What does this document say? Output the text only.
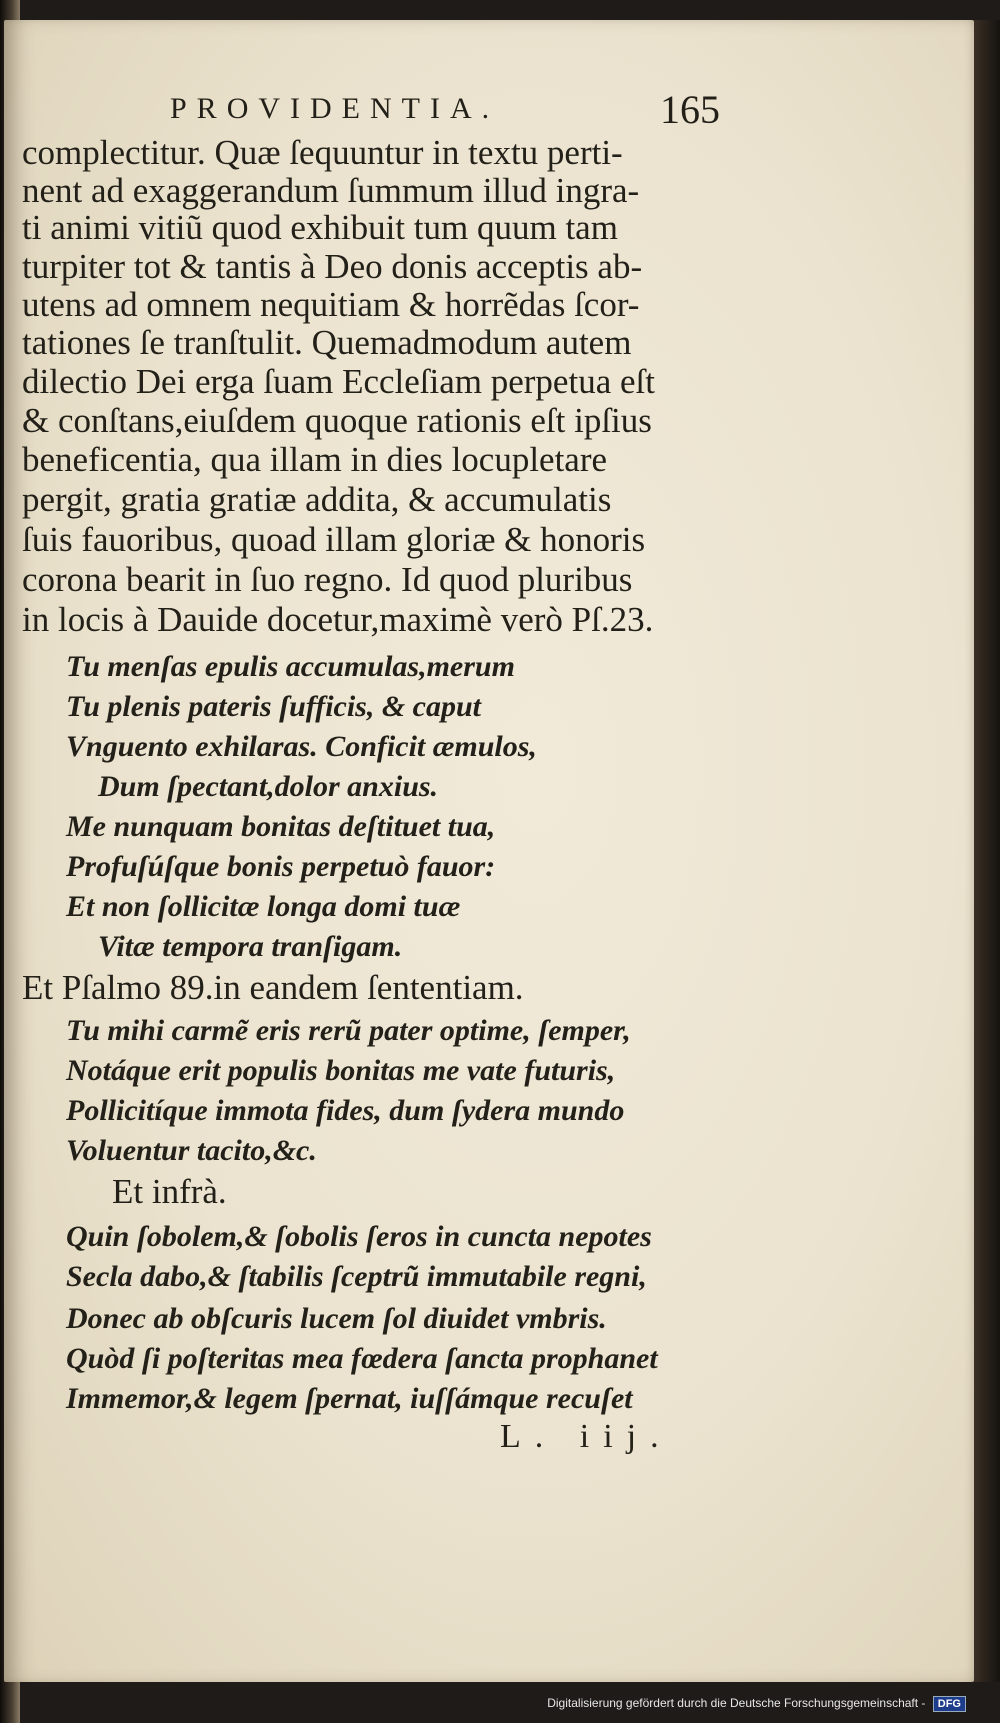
PROVIDENTIA.	165
complectitur. Quæ ſequuntur in textu perti-
nent ad exaggerandum ſummum illud ingra-
ti animi vitiũ quod exhibuit tum quum tam
turpiter tot & tantis à Deo donis acceptis ab-
utens ad omnem nequitiam & horrẽdas ſcor-
tationes ſe tranſtulit. Quemadmodum autem
dilectio Dei erga ſuam Eccleſiam perpetua eſt
& conſtans,eiuſdem quoque rationis eſt ipſius
beneficentia, qua illam in dies locupletare
pergit, gratia gratiæ addita, & accumulatis
ſuis fauoribus, quoad illam gloriæ & honoris
corona bearit in ſuo regno. Id quod pluribus
in locis à Dauide docetur,maximè verò Pſ.23.
Tu menſas epulis accumulas,merum
Tu plenis pateris ſufficis, & caput
Vnguento exhilaras. Conficit æmulos,
Dum ſpectant,dolor anxius.
Me nunquam bonitas deſtituet tua,
Profuſúſque bonis perpetuò fauor:
Et non ſollicitæ longa domi tuæ
Vitæ tempora tranſigam.
Et Pſalmo 89.in eandem ſententiam.
Tu mihi carmẽ eris rerũ pater optime, ſemper,
Notáque erit populis bonitas me vate futuris,
Pollicitíque immota fides, dum ſydera mundo
Voluentur tacito,&c.
Et infrà.
Quin ſobolem,& ſobolis ſeros in cuncta nepotes
Secla dabo,& ſtabilis ſceptrũ immutabile regni,
Donec ab obſcuris lucem ſol diuidet vmbris.
Quòd ſi poſteritas mea fœdera ſancta prophanet
Immemor,& legem ſpernat, iuſſámque recuſet
L. iij.
Digitalisierung gefördert durch die Deutsche Forschungsgemeinschaft - DFG
